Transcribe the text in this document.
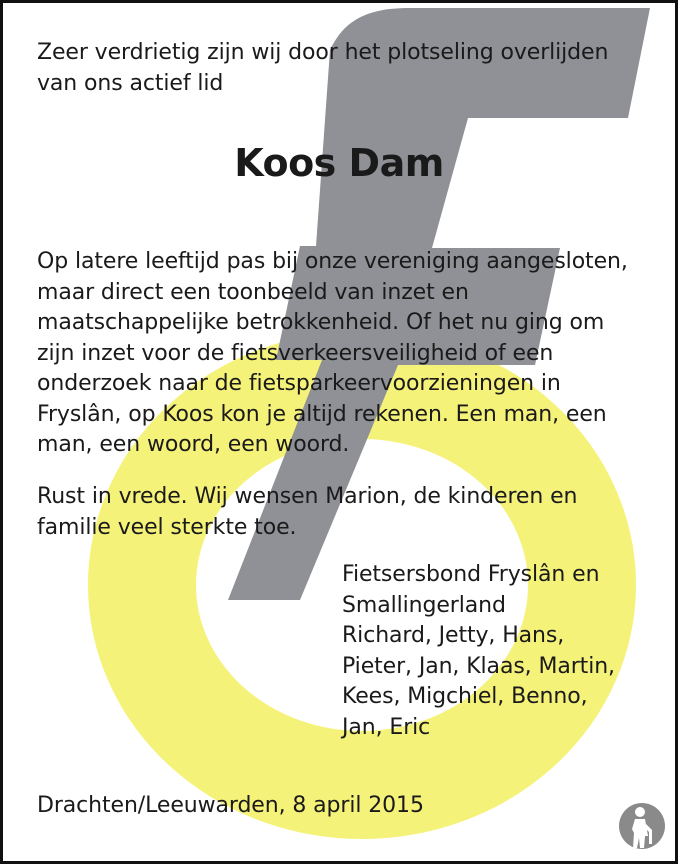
Zeer verdrietig zijn wij door het plotseling overlijden
van ons actief lid
Koos Dam
Op latere leeftijd pas bij onze vereniging aangesloten,
maar direct een toonbeeld van inzet en
maatschappelijke betrokkenheid. Of het nu ging om
zijn inzet voor de fietsverkeersveiligheid of een
onderzoek naar de fietsparkeervoorzieningen in
Fryslân, op Koos kon je altijd rekenen. Een man, een
man, een woord, een woord.
Rust in vrede. Wij wensen Marion, de kinderen en
familie veel sterkte toe.
Fietsersbond Fryslân en
Smallingerland
Richard, Jetty, Hans,
Pieter, Jan, Klaas, Martin,
Kees, Migchiel, Benno,
Jan, Eric
Drachten/Leeuwarden, 8 april 2015
